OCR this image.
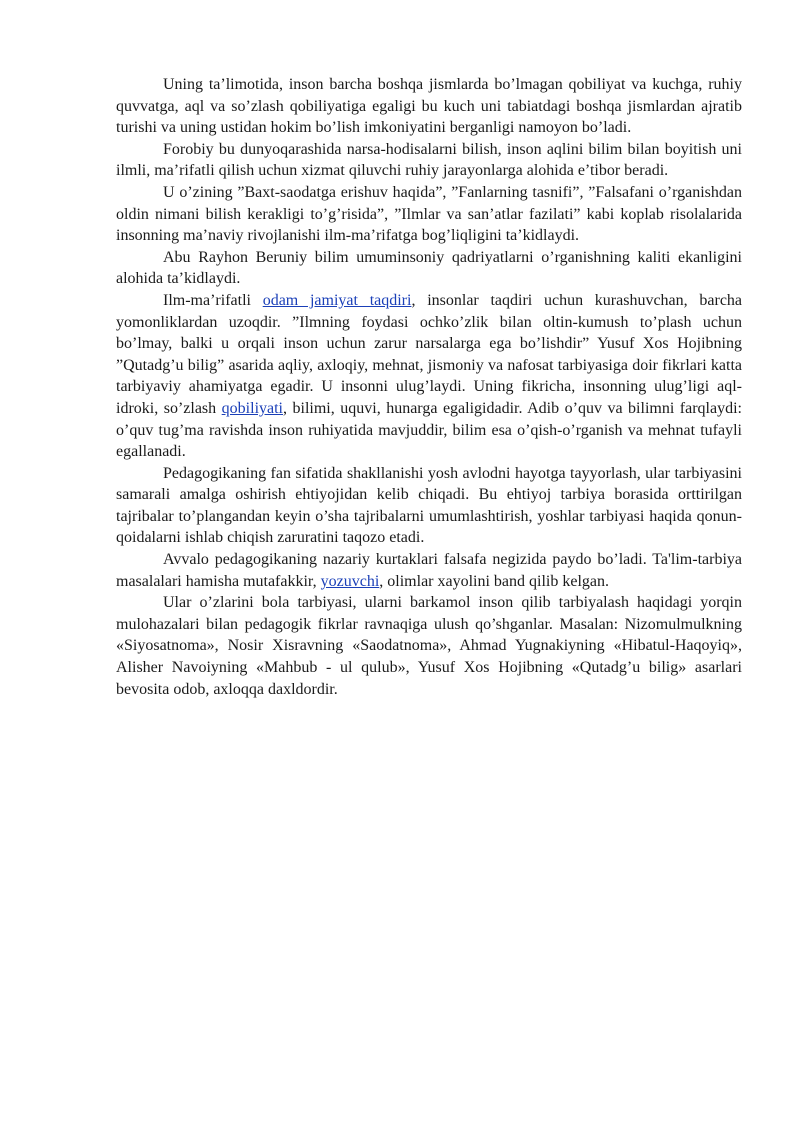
Uning ta’limotida, inson barcha boshqa jismlarda bo’lmagan qobiliyat va kuchga, ruhiy quvvatga, aql va so’zlash qobiliyatiga egaligi bu kuch uni tabiatdagi boshqa jismlardan ajratib turishi va uning ustidan hokim bo’lish imkoniyatini berganligi namoyon bo’ladi.

Forobiy bu dunyoqarashida narsa-hodisalarni bilish, inson aqlini bilim bilan boyitish uni ilmli, ma’rifatli qilish uchun xizmat qiluvchi ruhiy jarayonlarga alohida e’tibor beradi.

U o’zining ”Baxt-saodatga erishuv haqida”, ”Fanlarning tasnifi”, ”Falsafani o’rganishdan oldin nimani bilish kerakligi to’g’risida”, ”Ilmlar va san’atlar fazilati” kabi koplab risolalarida insonning ma’naviy rivojlanishi ilm-ma’rifatga bog’liqligini ta’kidlaydi.

Abu Rayhon Beruniy bilim umuminsoniy qadriyatlarni o’rganishning kaliti ekanligini alohida ta’kidlaydi.

Ilm-ma’rifatli odam jamiyat taqdiri, insonlar taqdiri uchun kurashuvchan, barcha yomonliklardan uzoqdir. ”Ilmning foydasi ochko’zlik bilan oltin-kumush to’plash uchun bo’lmay, balki u orqali inson uchun zarur narsalarga ega bo’lishdir” Yusuf Xos Hojibning ”Qutadg’u bilig” asarida aqliy, axloqiy, mehnat, jismoniy va nafosat tarbiyasiga doir fikrlari katta tarbiyaviy ahamiyatga egadir. U insonni ulug’laydi. Uning fikricha, insonning ulug’ligi aql-idroki, so’zlash qobiliyati, bilimi, uquvi, hunarga egaligidadir. Adib o’quv va bilimni farqlaydi: o’quv tug’ma ravishda inson ruhiyatida mavjuddir, bilim esa o’qish-o’rganish va mehnat tufayli egallanadi.

Pedagogikaning fan sifatida shakllanishi yosh avlodni hayotga tayyorlash, ular tarbiyasini samarali amalga oshirish ehtiyojidan kelib chiqadi. Bu ehtiyoj tarbiya borasida orttirilgan tajribalar to’plangandan keyin o’sha tajribalarni umumlashtirish, yoshlar tarbiyasi haqida qonun-qoidalarni ishlab chiqish zaruratini taqozo etadi.

Avvalo pedagogikaning nazariy kurtaklari falsafa negizida paydo bo’ladi. Ta'lim-tarbiya masalalari hamisha mutafakkir, yozuvchi, olimlar xayolini band qilib kelgan.

Ular o’zlarini bola tarbiyasi, ularni barkamol inson qilib tarbiyalash haqidagi yorqin mulohazalari bilan pedagogik fikrlar ravnaqiga ulush qo’shganlar. Masalan: Nizomulmulkning «Siyosatnoma», Nosir Xisravning «Saodatnoma», Ahmad Yugnakiyning «Hibatul-Haqoyiq», Alisher Navoiyning «Mahbub - ul qulub», Yusuf Xos Hojibning «Qutadg’u bilig» asarlari bevosita odob, axloqqa daxldordir.
